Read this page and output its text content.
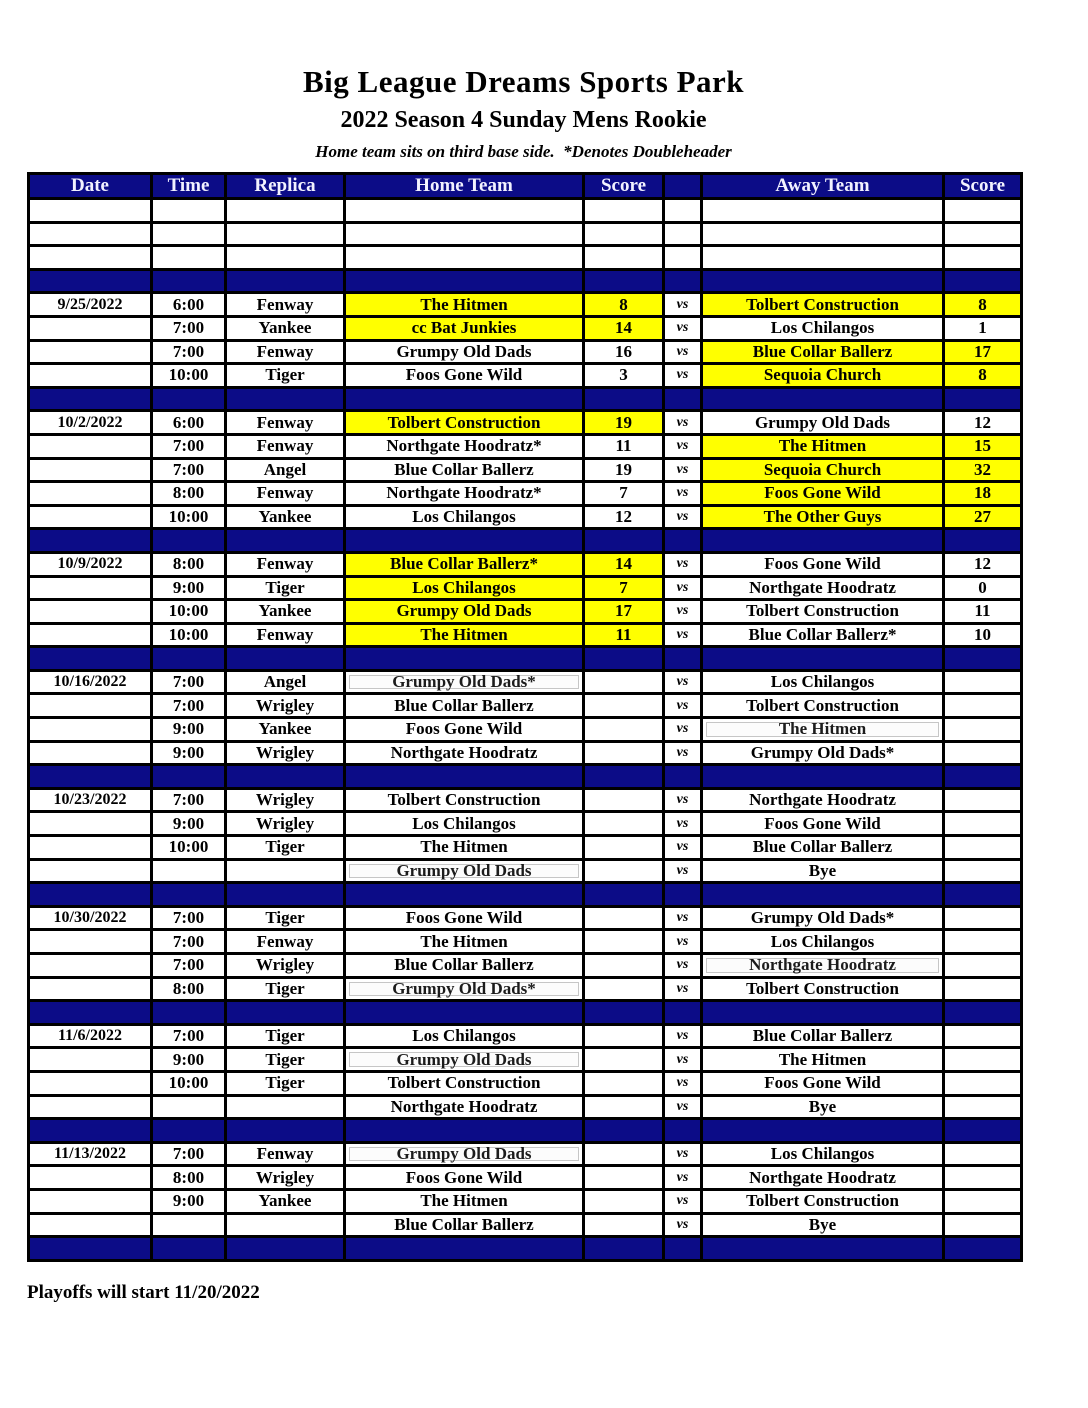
Big League Dreams Sports Park
2022 Season 4 Sunday Mens Rookie
Home team sits on third base side.  *Denotes Doubleheader
Date	Time	Replica	Home Team	Score		Away Team	Score

9/25/2022	6:00	Fenway	The Hitmen	8	vs	Tolbert Construction	8
	7:00	Yankee	cc Bat Junkies	14	vs	Los Chilangos	1
	7:00	Fenway	Grumpy Old Dads	16	vs	Blue Collar Ballerz	17
	10:00	Tiger	Foos Gone Wild	3	vs	Sequoia Church	8

10/2/2022	6:00	Fenway	Tolbert Construction	19	vs	Grumpy Old Dads	12
	7:00	Fenway	Northgate Hoodratz*	11	vs	The Hitmen	15
	7:00	Angel	Blue Collar Ballerz	19	vs	Sequoia Church	32
	8:00	Fenway	Northgate Hoodratz*	7	vs	Foos Gone Wild	18
	10:00	Yankee	Los Chilangos	12	vs	The Other Guys	27

10/9/2022	8:00	Fenway	Blue Collar Ballerz*	14	vs	Foos Gone Wild	12
	9:00	Tiger	Los Chilangos	7	vs	Northgate Hoodratz	0
	10:00	Yankee	Grumpy Old Dads	17	vs	Tolbert Construction	11
	10:00	Fenway	The Hitmen	11	vs	Blue Collar Ballerz*	10

10/16/2022	7:00	Angel	Grumpy Old Dads*		vs	Los Chilangos	
	7:00	Wrigley	Blue Collar Ballerz		vs	Tolbert Construction	
	9:00	Yankee	Foos Gone Wild		vs	The Hitmen	
	9:00	Wrigley	Northgate Hoodratz		vs	Grumpy Old Dads*	

10/23/2022	7:00	Wrigley	Tolbert Construction		vs	Northgate Hoodratz	
	9:00	Wrigley	Los Chilangos		vs	Foos Gone Wild	
	10:00	Tiger	The Hitmen		vs	Blue Collar Ballerz	
			Grumpy Old Dads		vs	Bye	

10/30/2022	7:00	Tiger	Foos Gone Wild		vs	Grumpy Old Dads*	
	7:00	Fenway	The Hitmen		vs	Los Chilangos	
	7:00	Wrigley	Blue Collar Ballerz		vs	Northgate Hoodratz	
	8:00	Tiger	Grumpy Old Dads*		vs	Tolbert Construction	

11/6/2022	7:00	Tiger	Los Chilangos		vs	Blue Collar Ballerz	
	9:00	Tiger	Grumpy Old Dads		vs	The Hitmen	
	10:00	Tiger	Tolbert Construction		vs	Foos Gone Wild	
			Northgate Hoodratz		vs	Bye	

11/13/2022	7:00	Fenway	Grumpy Old Dads		vs	Los Chilangos	
	8:00	Wrigley	Foos Gone Wild		vs	Northgate Hoodratz	
	9:00	Yankee	The Hitmen		vs	Tolbert Construction	
			Blue Collar Ballerz		vs	Bye	

Playoffs will start 11/20/2022
